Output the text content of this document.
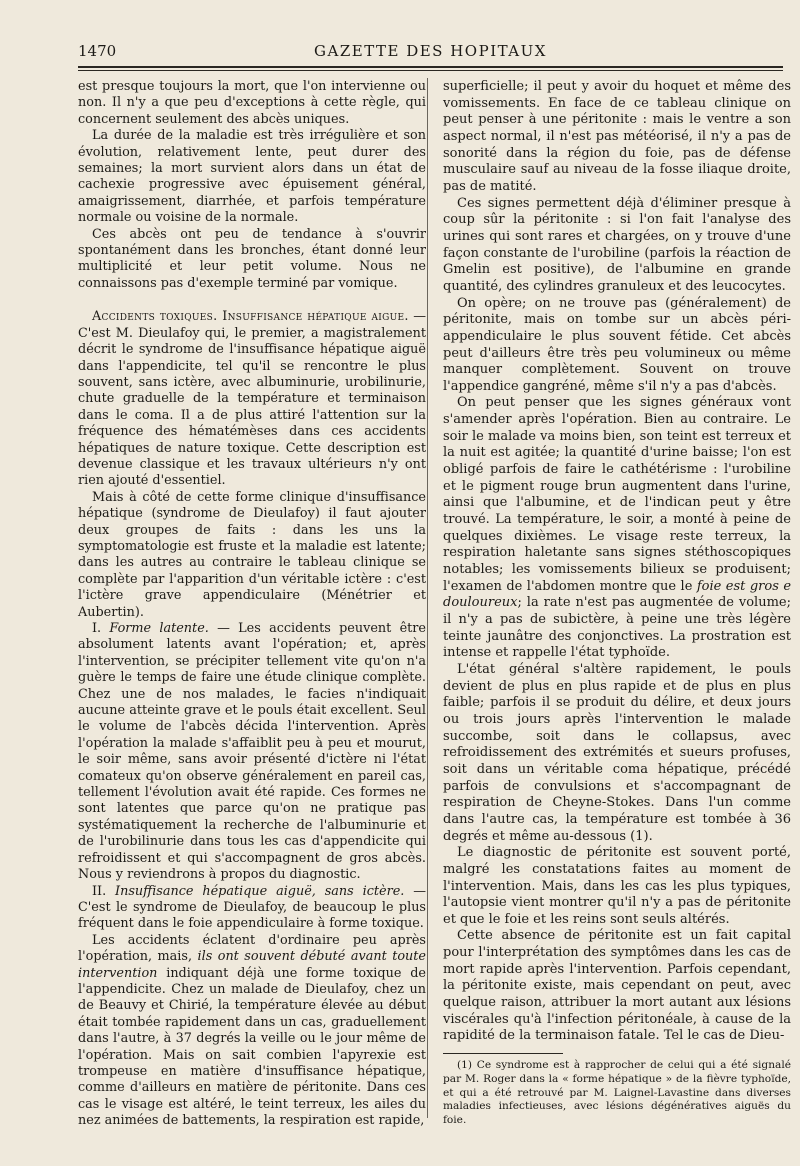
1470	GAZETTE DES HOPITAUX

est presque toujours la mort, que l'on intervienne ou non. Il n'y a que peu d'exceptions à cette règle, qui concernent seulement des abcès uniques.

La durée de la maladie est très irrégulière et son évolution, relativement lente, peut durer des semaines; la mort survient alors dans un état de cachexie progressive avec épuisement général, amaigrissement, diarrhée, et parfois température normale ou voisine de la normale.

Ces abcès ont peu de tendance à s'ouvrir spontanément dans les bronches, étant donné leur multiplicité et leur petit volume. Nous ne connaissons pas d'exemple terminé par vomique.

Accidents toxiques. Insuffisance hépatique aigue. — C'est M. Dieulafoy qui, le premier, a magistralement décrit le syndrome de l'insuffisance hépatique aiguë dans l'appendicite, tel qu'il se rencontre le plus souvent, sans ictère, avec albuminurie, urobilinurie, chute graduelle de la température et terminaison dans le coma. Il a de plus attiré l'attention sur la fréquence des hématémèses dans ces accidents hépatiques de nature toxique. Cette description est devenue classique et les travaux ultérieurs n'y ont rien ajouté d'essentiel.

Mais à côté de cette forme clinique d'insuffisance hépatique (syndrome de Dieulafoy) il faut ajouter deux groupes de faits : dans les uns la symptomatologie est fruste et la maladie est latente; dans les autres au contraire le tableau clinique se complète par l'apparition d'un véritable ictère : c'est l'ictère grave appendiculaire (Ménétrier et Aubertin).

I. Forme latente. — Les accidents peuvent être absolument latents avant l'opération; et, après l'intervention, se précipiter tellement vite qu'on n'a guère le temps de faire une étude clinique complète. Chez une de nos malades, le facies n'indiquait aucune atteinte grave et le pouls était excellent. Seul le volume de l'abcès décida l'intervention. Après l'opération la malade s'affaiblit peu à peu et mourut, le soir même, sans avoir présenté d'ictère ni l'état comateux qu'on observe généralement en pareil cas, tellement l'évolution avait été rapide. Ces formes ne sont latentes que parce qu'on ne pratique pas systématiquement la recherche de l'albuminurie et de l'urobilinurie dans tous les cas d'appendicite qui refroidissent et qui s'accompagnent de gros abcès. Nous y reviendrons à propos du diagnostic.

II. Insuffisance hépatique aiguë, sans ictère. — C'est le syndrome de Dieulafoy, de beaucoup le plus fréquent dans le foie appendiculaire à forme toxique.

Les accidents éclatent d'ordinaire peu après l'opération, mais, ils ont souvent débuté avant toute intervention indiquant déjà une forme toxique de l'appendicite. Chez un malade de Dieulafoy, chez un de Beauvy et Chirié, la température élevée au début était tombée rapidement dans un cas, graduellement dans l'autre, à 37 degrés la veille ou le jour même de l'opération. Mais on sait combien l'apyrexie est trompeuse en matière d'insuffisance hépatique, comme d'ailleurs en matière de péritonite. Dans ces cas le visage est altéré, le teint terreux, les ailes du nez animées de battements, la respiration est rapide,

superficielle; il peut y avoir du hoquet et même des vomissements. En face de ce tableau clinique on peut penser à une péritonite : mais le ventre a son aspect normal, il n'est pas météorisé, il n'y a pas de sonorité dans la région du foie, pas de défense musculaire sauf au niveau de la fosse iliaque droite, pas de matité.

Ces signes permettent déjà d'éliminer presque à coup sûr la péritonite : si l'on fait l'analyse des urines qui sont rares et chargées, on y trouve d'une façon constante de l'urobiline (parfois la réaction de Gmelin est positive), de l'albumine en grande quantité, des cylindres granuleux et des leucocytes.

On opère; on ne trouve pas (généralement) de péritonite, mais on tombe sur un abcès péri-appendiculaire le plus souvent fétide. Cet abcès peut d'ailleurs être très peu volumineux ou même manquer complètement. Souvent on trouve l'appendice gangréné, même s'il n'y a pas d'abcès.

On peut penser que les signes généraux vont s'amender après l'opération. Bien au contraire. Le soir le malade va moins bien, son teint est terreux et la nuit est agitée; la quantité d'urine baisse; l'on est obligé parfois de faire le cathétérisme : l'urobiline et le pigment rouge brun augmentent dans l'urine, ainsi que l'albumine, et de l'indican peut y être trouvé. La température, le soir, a monté à peine de quelques dixièmes. Le visage reste terreux, la respiration haletante sans signes stéthoscopiques notables; les vomissements bilieux se produisent; l'examen de l'abdomen montre que le foie est gros e douloureux; la rate n'est pas augmentée de volume; il n'y a pas de subictère, à peine une très légère teinte jaunâtre des conjonctives. La prostration est intense et rappelle l'état typhoïde.

L'état général s'altère rapidement, le pouls devient de plus en plus rapide et de plus en plus faible; parfois il se produit du délire, et deux jours ou trois jours après l'intervention le malade succombe, soit dans le collapsus, avec refroidissement des extrémités et sueurs profuses, soit dans un véritable coma hépatique, précédé parfois de convulsions et s'accompagnant de respiration de Cheyne-Stokes. Dans l'un comme dans l'autre cas, la température est tombée à 36 degrés et même au-dessous (1).

Le diagnostic de péritonite est souvent porté, malgré les constatations faites au moment de l'intervention. Mais, dans les cas les plus typiques, l'autopsie vient montrer qu'il n'y a pas de péritonite et que le foie et les reins sont seuls altérés.

Cette absence de péritonite est un fait capital pour l'interprétation des symptômes dans les cas de mort rapide après l'intervention. Parfois cependant, la péritonite existe, mais cependant on peut, avec quelque raison, attribuer la mort autant aux lésions viscérales qu'à l'infection péritonéale, à cause de la rapidité de la terminaison fatale. Tel le cas de Dieu-

(1) Ce syndrome est à rapprocher de celui qui a été signalé par M. Roger dans la « forme hépatique » de la fièvre typhoïde, et qui a été retrouvé par M. Laignel-Lavastine dans diverses maladies infectieuses, avec lésions dégénératives aiguës du foie.
